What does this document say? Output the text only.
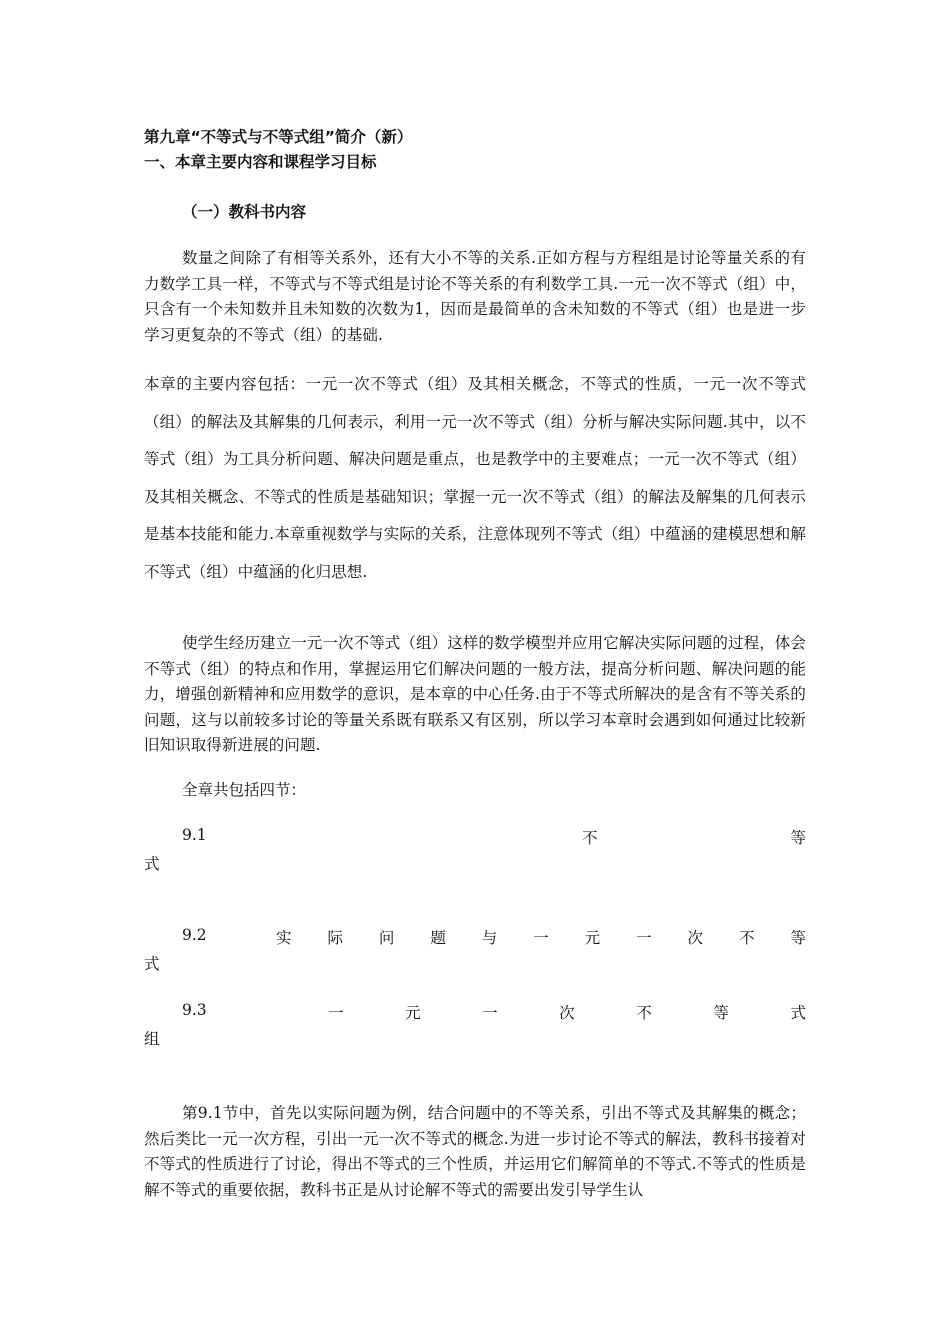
第九章“不等式与不等式组”简介（新）
一、本章主要内容和课程学习目标
（一）教科书内容
数量之间除了有相等关系外，还有大小不等的关系.正如方程与方程组是讨论等量关系的有力数学工具一样，不等式与不等式组是讨论不等关系的有利数学工具.一元一次不等式（组）中，只含有一个未知数并且未知数的次数为1，因而是最简单的含未知数的不等式（组）也是进一步学习更复杂的不等式（组）的基础.
本章的主要内容包括：一元一次不等式（组）及其相关概念，不等式的性质，一元一次不等式（组）的解法及其解集的几何表示，利用一元一次不等式（组）分析与解决实际问题.其中，以不等式（组）为工具分析问题、解决问题是重点，也是教学中的主要难点；一元一次不等式（组）及其相关概念、不等式的性质是基础知识；掌握一元一次不等式（组）的解法及解集的几何表示是基本技能和能力.本章重视数学与实际的关系，注意体现列不等式（组）中蕴涵的建模思想和解不等式（组）中蕴涵的化归思想.
使学生经历建立一元一次不等式（组）这样的数学模型并应用它解决实际问题的过程，体会不等式（组）的特点和作用，掌握运用它们解决问题的一般方法，提高分析问题、解决问题的能力，增强创新精神和应用数学的意识，是本章的中心任务.由于不等式所解决的是含有不等关系的问题，这与以前较多讨论的等量关系既有联系又有区别，所以学习本章时会遇到如何通过比较新旧知识取得新进展的问题.
全章共包括四节：
9.1	不	等
式
9.2	实 际 问 题 与 一 元 一 次 不 等
式
9.3	一	元	一	次	不	等	式
组
第9.1节中，首先以实际问题为例，结合问题中的不等关系，引出不等式及其解集的概念；然后类比一元一次方程，引出一元一次不等式的概念.为进一步讨论不等式的解法，教科书接着对不等式的性质进行了讨论，得出不等式的三个性质，并运用它们解简单的不等式.不等式的性质是解不等式的重要依据，教科书正是从讨论解不等式的需要出发引导学生认
